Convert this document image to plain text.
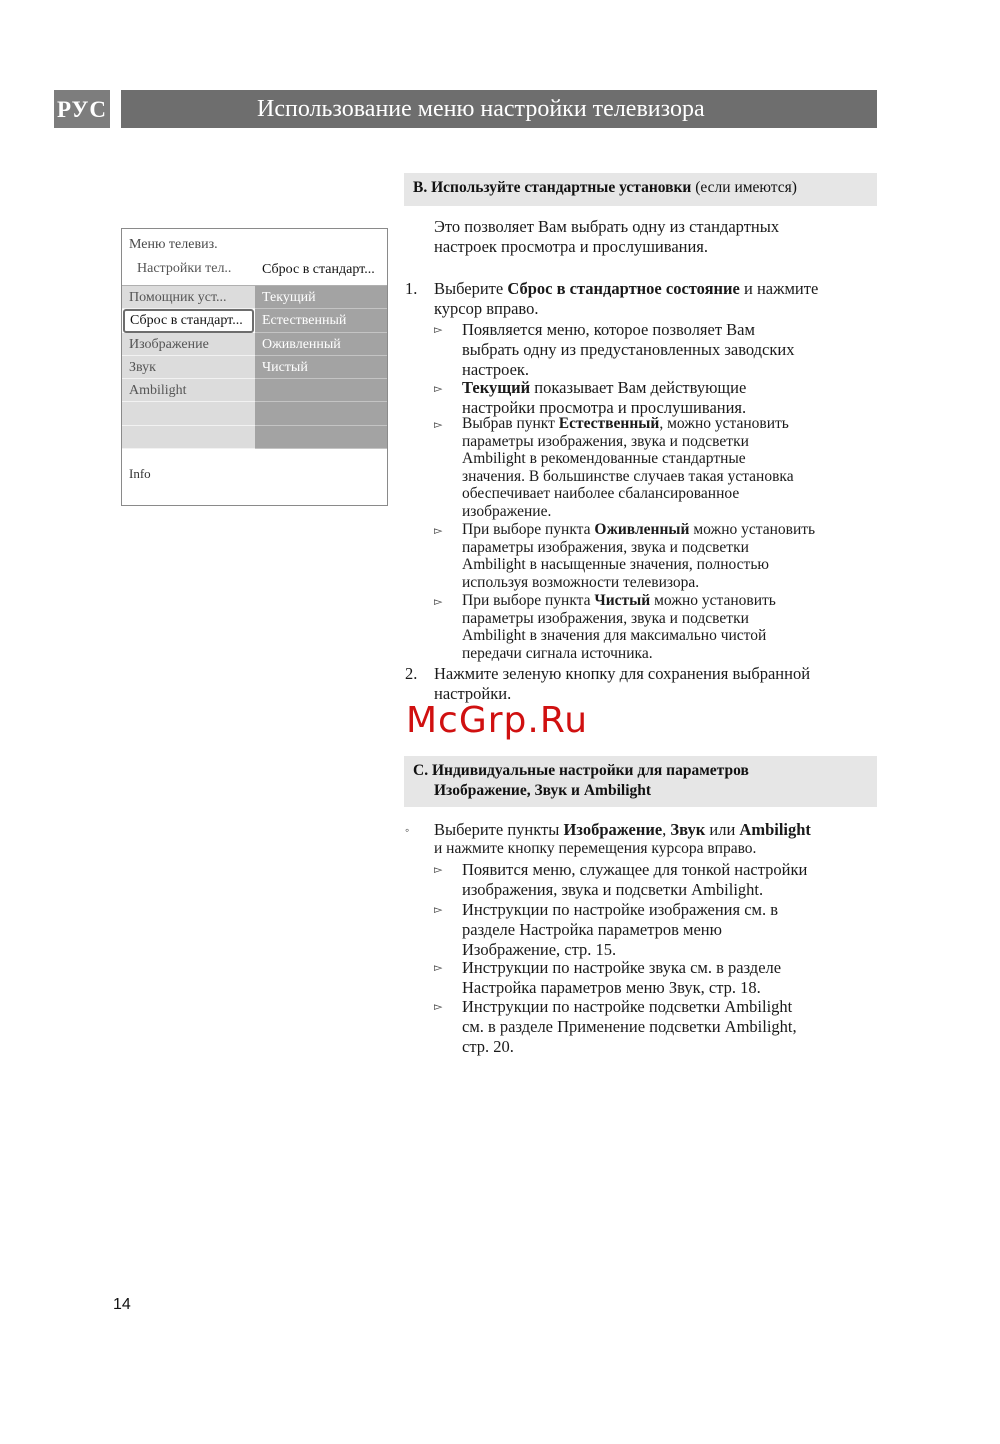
РУС	Использование меню настройки телевизора
Меню телевиз.
Настройки тел..	Сброс в стандарт...
Помощник уст...
Сброс в стандарт...
Изображение
Звук
Ambilight
Текущий
Естественный
Оживленный
Чистый
Info
B. Используйте стандартные установки (если имеются)
Это позволяет Вам выбрать одну из стандартных
настроек просмотра и прослушивания.
1. Выберите Сброс в стандартное состояние и нажмите
курсор вправо.
▻ Появляется меню, которое позволяет Вам
выбрать одну из предустановленных заводских
настроек.
▻ Текущий показывает Вам действующие
настройки просмотра и прослушивания.
▻ Выбрав пункт Естественный, можно установить
параметры изображения, звука и подсветки
Ambilight в рекомендованные стандартные
значения. В большинстве случаев такая установка
обеспечивает наиболее сбалансированное
изображение.
▻ При выборе пункта Оживленный можно установить
параметры изображения, звука и подсветки
Ambilight в насыщенные значения, полностью
используя возможности телевизора.
▻ При выборе пункта Чистый можно установить
параметры изображения, звука и подсветки
Ambilight в значения для максимально чистой
передачи сигнала источника.
2. Нажмите зеленую кнопку для сохранения выбранной
настройки.
McGrp.Ru
C. Индивидуальные настройки для параметров
Изображение, Звук и Ambilight
◦ Выберите пункты Изображение, Звук или Ambilight
и нажмите кнопку перемещения курсора вправо.
▻ Появится меню, служащее для тонкой настройки
изображения, звука и подсветки Ambilight.
▻ Инструкции по настройке изображения см. в
разделе Настройка параметров меню
Изображение, стр. 15.
▻ Инструкции по настройке звука см. в разделе
Настройка параметров меню Звук, стр. 18.
▻ Инструкции по настройке подсветки Ambilight
см. в разделе Применение подсветки Ambilight,
стр. 20.
14
